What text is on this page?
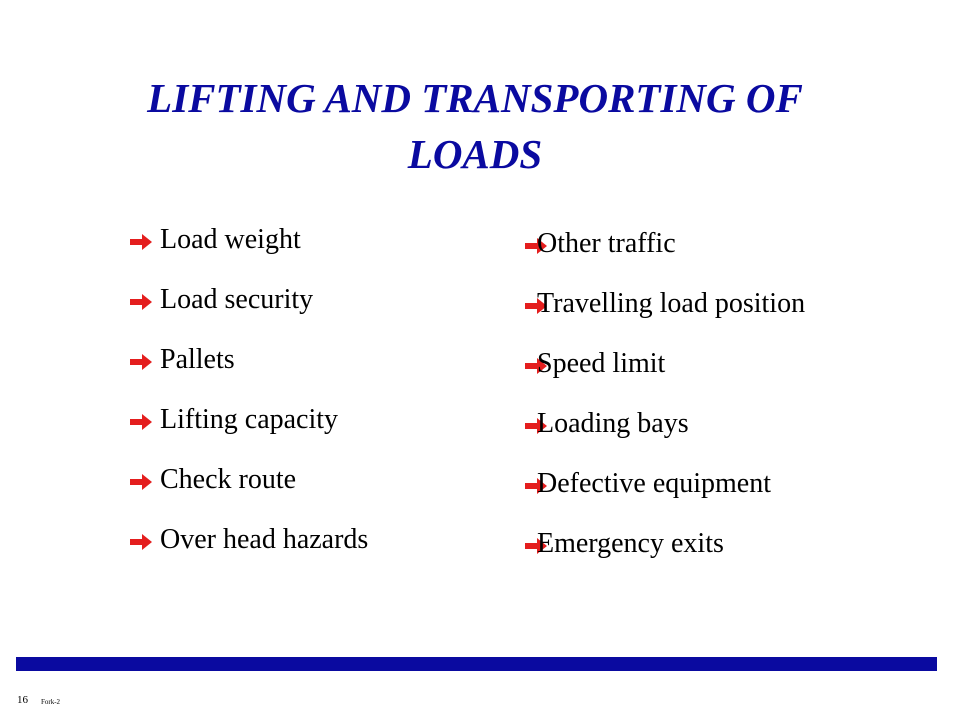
LIFTING AND TRANSPORTING OF
LOADS
Load weight
Load security
Pallets
Lifting capacity
Check route
Over head hazards
Other traffic
Travelling load position
Speed limit
Loading bays
Defective equipment
Emergency exits
16 Fork-2
